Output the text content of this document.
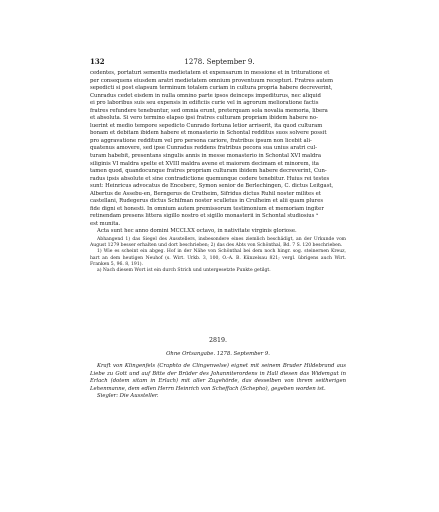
132	1278. September 9.

cedentes, portaturi sementis medietatem et expensarum in messione et in trituratione et

per consequens eiusdem aratri medietatem omnium proventuum recepturi. Fratres autem

sepedicti si post elapsum terminum totalem curiam in cultura propria habere decreverint,

Cunradus cedet eisdem in nulla omnino parte ipsos deinceps impediturus, nec aliquid

ei pro laboribus suis seu expensis in edificiis curie vel in agrorum melioratione factis

fratres refundere tenebuntur, sed omnia erunt, preterquam sola novalia memoria, libera

et absoluta. Si vero termino elapso ipsi fratres culturam propriam ibidem habere no-

luerint et medio tempore sepedicto Cunrado fortuna letior arriserit, ita quod culturam

bonam et debitam ibidem habere et monasterio in Schontal redditus suos solvere possit

pro aggravatione redditum vel pro persona cariore, fratribus ipsum non licebit ali-

quatenus amovere, sed ipse Cunradus reddens fratribus pecora sua unius aratri cul-

turam habebit, presentans singulis annis in messe monasterio in Schontal XVI maldra

siliginis VI maldra spelte et XVIII maldra avene et maiorem decimam et minorem, ita

tamen quod, quandocunque fratres propriam culturam ibidem habere decreverint, Cun-

radus ipsis absolute et sine contradictione quemunque cedere tenebitur. Huius rei testes

sunt: Heinricus advocatus de Enceberc, Symon senior de Berlechingen, C. dictus Leitgast,

Albertus de Assebu-en, Berngerus de Crutheim, Sifridus dictus Ruhil noster milites et

castellani, Rudegerus dictus Schifman noster sculletus in Crulheim et alii quam plures

fide digni et honesti. In omnium autem premissorum testimonium et memoriam ingiter

retinendam presens littera sigillo nostro et sigillo monasterii in Schontal studiosius ᵃ

est munita.

Acta sunt hec anno domini MCCLXX octavo, in nativitate virginis gloriose.

Abhangend 1) das Siegel des Ausstellers, insbesondere eines ziemlich beschädigt, an der Urkunde vom August 1279 besser erhalten und dort beschrieben; 2) das des Abts von Schönthal, Bd. 7 S. 120 beschrieben.

1) Wie es scheint ein abgeg. Hof in der Nähe von Schönthal bei dem noch hingr. sog. steinernen Kreuz, hart an dem heutigen Neuhof (s. Wirt. Urkb. 3, 100, O.-A. B. Künzelsau 821; vergl. übrigens auch Wirt. Franken 5, 96. 8, 191).

a) Nach diesem Wort ist ein durch Strich und untergesetzte Punkte getilgt.

2819.
Ohne Ortsangabe. 1278. September 9.

Kraft von Klingenfels (Craphto de Clingenvelse) eignet mit seinem Bruder Hildebrand aus Liebe zu Gott und auf Bitte der Brüder des Johanniterordens in Hall diesen das Widemgut in Erlach (dotem sitam in Erlach) mit aller Zugehörde, das desselben von ihrem seitherigen Lehenmanne, dem edlen Herrn Heinrich von Scheffach (Schepho), gegeben worden ist.

Siegler: Die Aussteller.
